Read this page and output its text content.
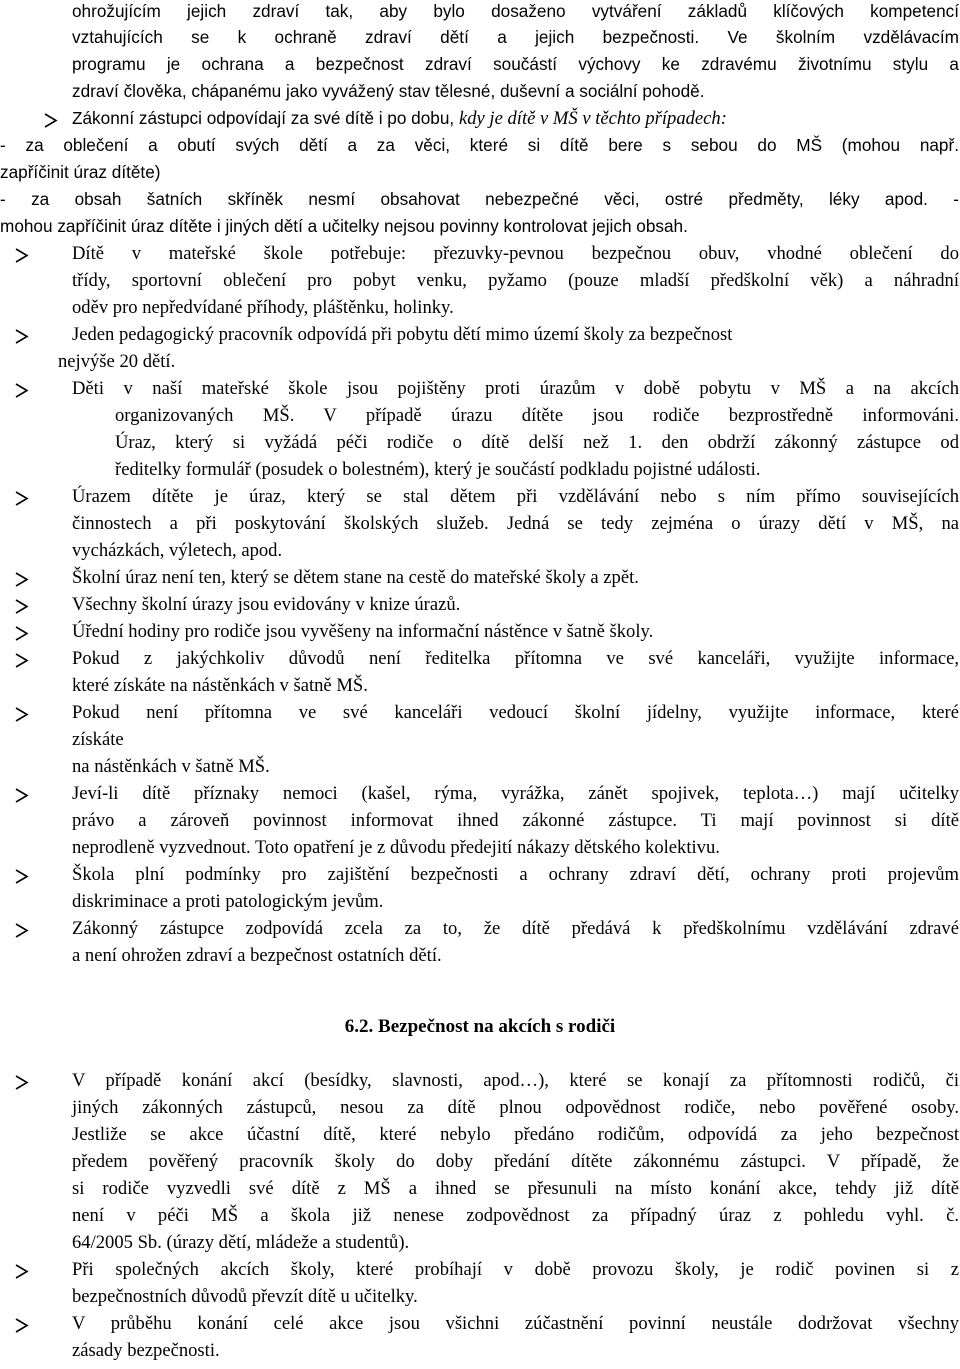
ohrožujícím jejich zdraví tak, aby bylo dosaženo vytváření základů klíčových kompetencí
vztahujících se k ochraně zdraví dětí a jejich bezpečnosti. Ve školním vzdělávacím
programu je ochrana a bezpečnost zdraví součástí výchovy ke zdravému životnímu stylu a
zdraví člověka, chápanému jako vyvážený stav tělesné, duševní a sociální pohodě.
Zákonní zástupci odpovídají za své dítě i po dobu, kdy je dítě v MŠ v těchto případech:
- za oblečení a obutí svých dětí a za věci, které si dítě bere s sebou do MŠ (mohou např.
zapříčinit úraz dítěte)
- za obsah šatních skříněk nesmí obsahovat nebezpečné věci, ostré předměty, léky apod. -
mohou zapříčinit úraz dítěte i jiných dětí a učitelky nejsou povinny kontrolovat jejich obsah.
Dítě v mateřské škole potřebuje: přezuvky-pevnou bezpečnou obuv, vhodné oblečení do
třídy, sportovní oblečení pro pobyt venku, pyžamo (pouze mladší předškolní věk) a náhradní
oděv pro nepředvídané příhody, pláštěnku, holinky.
Jeden pedagogický pracovník odpovídá při pobytu dětí mimo území školy za bezpečnost
nejvýše 20 dětí.
Děti v naší mateřské škole jsou pojištěny proti úrazům v době pobytu v MŠ a na akcích
organizovaných MŠ. V případě úrazu dítěte jsou rodiče bezprostředně informováni.
Úraz, který si vyžádá péči rodiče o dítě delší než 1. den obdrží zákonný zástupce od
ředitelky formulář (posudek o bolestném), který je součástí podkladu pojistné události.
Úrazem dítěte je úraz, který se stal dětem při vzdělávání nebo s ním přímo souvisejících
činnostech a při poskytování školských služeb. Jedná se tedy zejména o úrazy dětí v MŠ, na
vycházkách, výletech, apod.
Školní úraz není ten, který se dětem stane na cestě do mateřské školy a zpět.
Všechny školní úrazy jsou evidovány v knize úrazů.
Úřední hodiny pro rodiče jsou vyvěšeny na informační nástěnce v šatně školy.
Pokud z jakýchkoliv důvodů není ředitelka přítomna ve své kanceláři, využijte informace,
které získáte na nástěnkách v šatně MŠ.
Pokud není přítomna ve své kanceláři vedoucí školní jídelny, využijte informace, které
získáte
na nástěnkách v šatně MŠ.
Jeví-li dítě příznaky nemoci (kašel, rýma, vyrážka, zánět spojivek, teplota…) mají učitelky
právo a zároveň povinnost informovat ihned zákonné zástupce. Ti mají povinnost si dítě
neprodleně vyzvednout. Toto opatření je z důvodu předejití nákazy dětského kolektivu.
Škola plní podmínky pro zajištění bezpečnosti a ochrany zdraví dětí, ochrany proti projevům
diskriminace a proti patologickým jevům.
Zákonný zástupce zodpovídá zcela za to, že dítě předává k předškolnímu vzdělávání zdravé
a není ohrožen zdraví a bezpečnost ostatních dětí.
6.2. Bezpečnost na akcích s rodiči
V případě konání akcí (besídky, slavnosti, apod…), které se konají za přítomnosti rodičů, či
jiných zákonných zástupců, nesou za dítě plnou odpovědnost rodiče, nebo pověřené osoby.
Jestliže se akce účastní dítě, které nebylo předáno rodičům, odpovídá za jeho bezpečnost
předem pověřený pracovník školy do doby předání dítěte zákonnému zástupci. V případě, že
si rodiče vyzvedli své dítě z MŠ a ihned se přesunuli na místo konání akce, tehdy již dítě
není v péči MŠ a škola již nenese zodpovědnost za případný úraz z pohledu vyhl. č.
64/2005 Sb. (úrazy dětí, mládeže a studentů).
Při společných akcích školy, které probíhají v době provozu školy, je rodič povinen si z
bezpečnostních důvodů převzít dítě u učitelky.
V průběhu konání celé akce jsou všichni zúčastnění povinní neustále dodržovat všechny
zásady bezpečnosti.
